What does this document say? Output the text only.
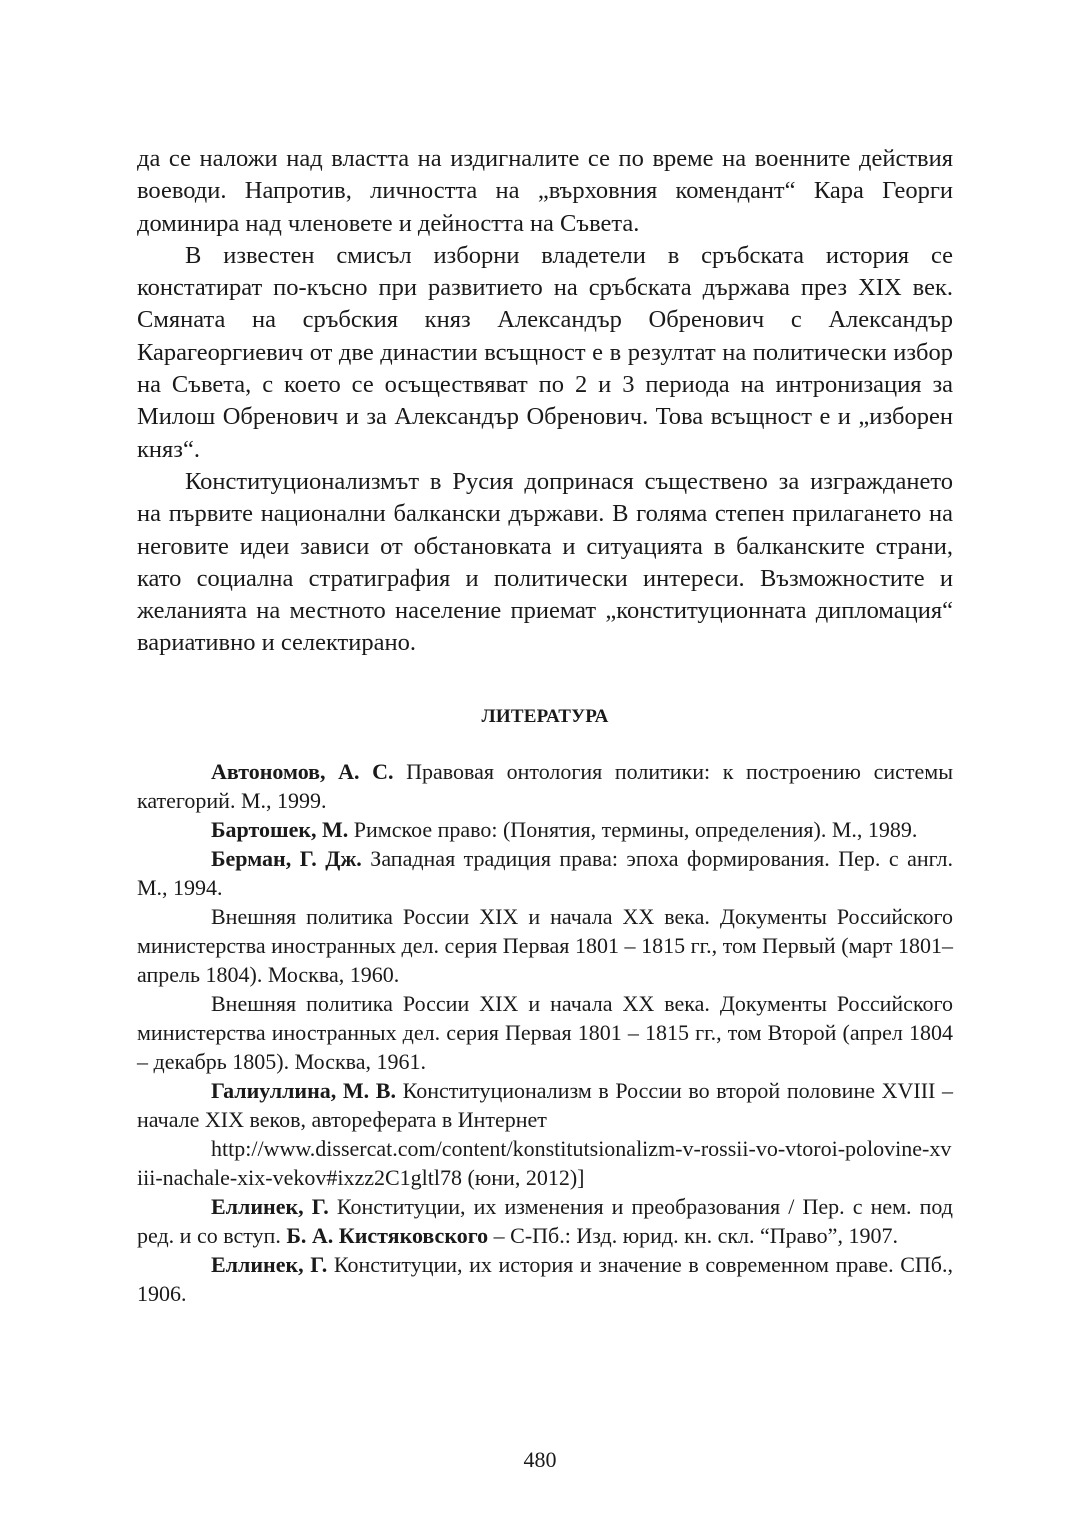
да се наложи над властта на издигналите се по време на военните действия воеводи. Напротив, личността на „върховния комендант“ Кара Георги доминира над членовете и дейността на Съвета.

В известен смисъл изборни владетели в сръбската история се констатират по-късно при развитието на сръбската държава през XIX век. Смяната на сръбския княз Александър Обренович с Александър Карагеоргиевич от две династии всъщност е в резултат на политически избор на Съвета, с което се осъществяват по 2 и 3 периода на интронизация за Милош Обренович и за Александър Обренович. Това всъщност е и „изборен княз“.

Конституционализмът в Русия допринася съществено за изграждането на първите национални балкански държави. В голяма степен прилагането на неговите идеи зависи от обстановката и ситуацията в балканските страни, като социална стратиграфия и политически интереси. Възможностите и желанията на местното население приемат „конституционната дипломация“ вариативно и селектирано.

ЛИТЕРАТУРА

Автономов, А. С. Правовая онтология политики: к построению системы категорий. М., 1999.

Бартошек, М. Римское право: (Понятия, термины, определения). М., 1989.

Берман, Г. Дж. Западная традиция права: эпоха формирования. Пер. с англ. М., 1994.

Внешняя политика России XIX и начала XX века. Документы Российского министерства иностранных дел. серия Первая 1801 – 1815 гг., том Первый (март 1801– апрель 1804). Москва, 1960.

Внешняя политика России XIX и начала XX века. Документы Российского министерства иностранных дел. серия Первая 1801 – 1815 гг., том Второй (апрел 1804 – декабрь 1805). Москва, 1961.

Галиуллина, М. В. Конституционализм в России во второй половине XVIII – начале XIX веков, автореферата в Интернет

http://www.dissercat.com/content/konstitutsionalizm-v-rossii-vo-vtoroi-polovine-xviii-nachale-xix-vekov#ixzz2C1gltl78 (юни, 2012)]

Еллинек, Г. Конституции, их изменения и преобразования / Пер. с нем. под ред. и со вступ. Б. А. Кистяковского – С-Пб.: Изд. юрид. кн. скл. “Право”, 1907.

Еллинек, Г. Конституции, их история и значение в современном праве. СПб., 1906.

480
